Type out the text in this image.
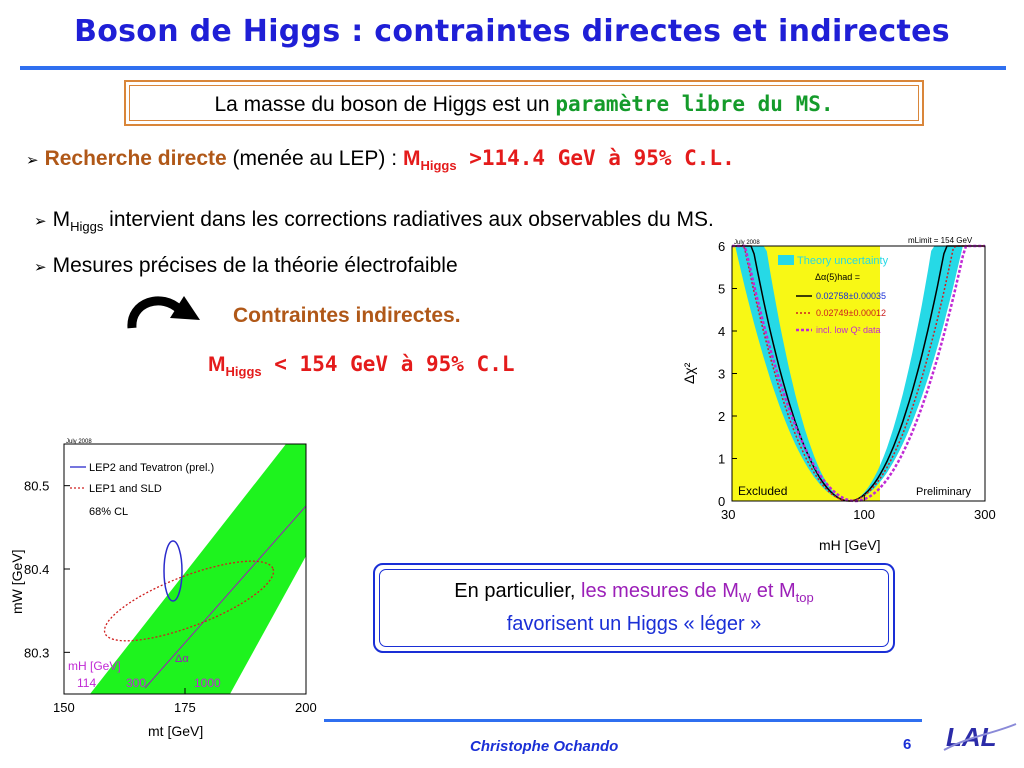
Boson de Higgs : contraintes directes et indirectes
La masse du boson de Higgs est un paramètre libre du MS.
➢ Recherche directe (menée au LEP) : $M_{Higgs} >114.4$ GeV à 95% C.L.
➢ $M_{Higgs}$ intervient dans les corrections radiatives aux observables du MS.
➢ Mesures précises de la théorie électrofaible
Contraintes indirectes.
$M_{Higgs} < 154$ GeV à 95% C.L
0
1
2
3
4
5
6
30	100	300
July 2008	mLimit = 154 GeV
Theory uncertainty
Δα(5)had =
0.02758±0.00035
0.02749±0.00012
incl. low Q² data
Excluded	Preliminary
Δχ²
mH [GeV]
80.3
80.4
80.5
150	175	200
July 2008
LEP2 and Tevatron (prel.)
LEP1 and SLD
68% CL
Δα
mH [GeV]
114 300	1000
mW [GeV]
mt [GeV]
En particulier, les mesures de $M_W$ et $M_{top}$
favorisent un Higgs « léger »
Christophe Ochando	6 LAL
